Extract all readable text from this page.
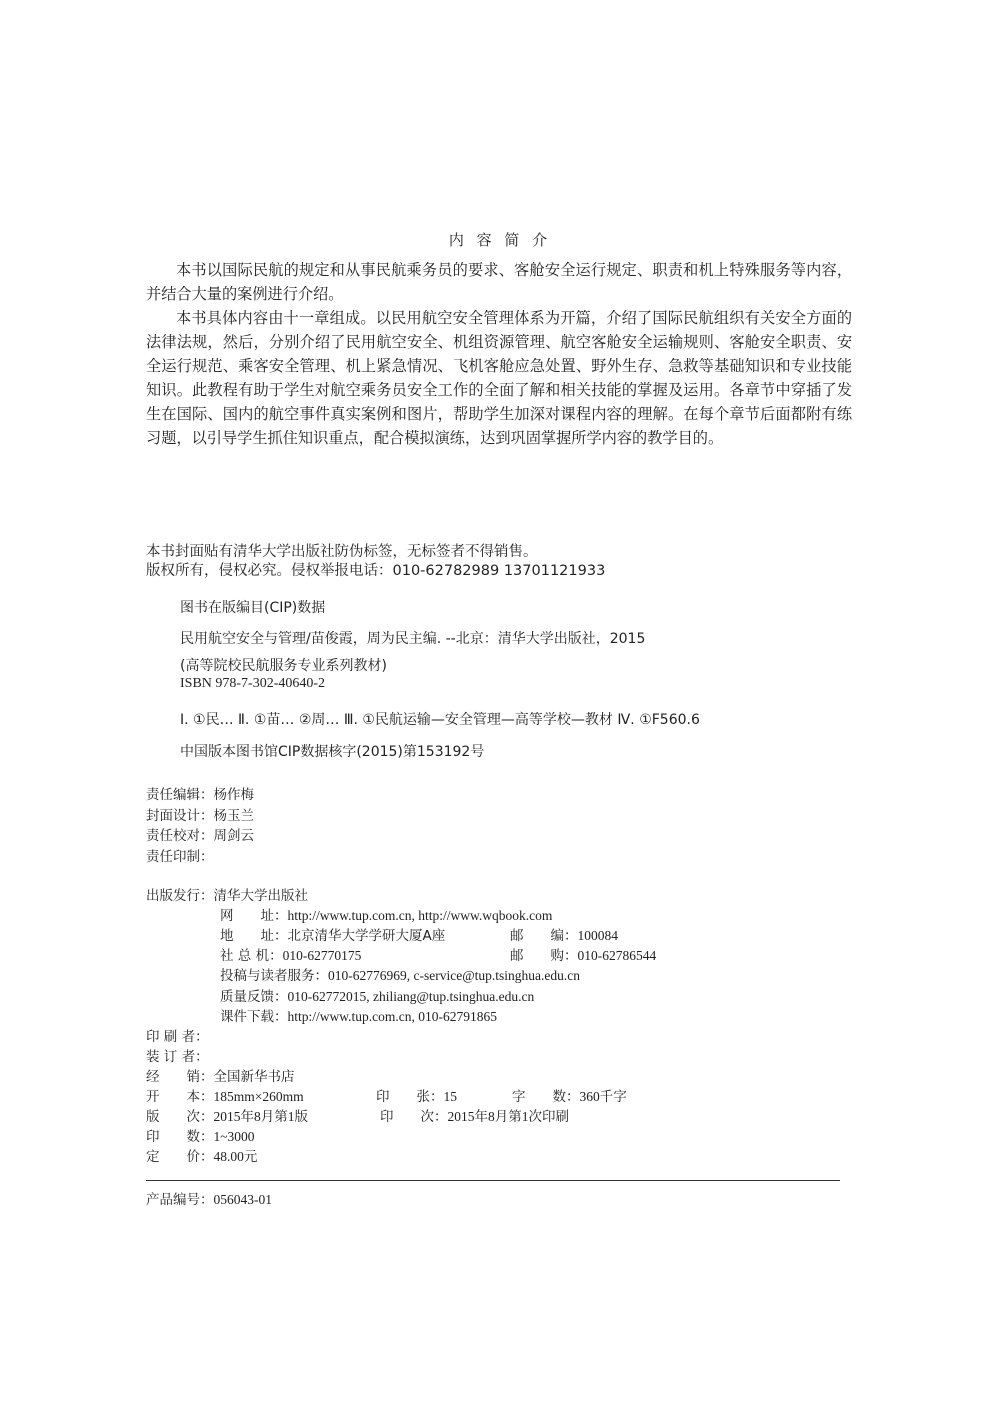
内 容 简 介
本书以国际民航的规定和从事民航乘务员的要求、客舱安全运行规定、职责和机上特殊服务等内容，并结合大量的案例进行介绍。
本书具体内容由十一章组成。以民用航空安全管理体系为开篇，介绍了国际民航组织有关安全方面的法律法规，然后，分别介绍了民用航空安全、机组资源管理、航空客舱安全运输规则、客舱安全职责、安全运行规范、乘客安全管理、机上紧急情况、飞机客舱应急处置、野外生存、急救等基础知识和专业技能知识。此教程有助于学生对航空乘务员安全工作的全面了解和相关技能的掌握及运用。各章节中穿插了发生在国际、国内的航空事件真实案例和图片，帮助学生加深对课程内容的理解。在每个章节后面都附有练习题，以引导学生抓住知识重点，配合模拟演练，达到巩固掌握所学内容的教学目的。
本书封面贴有清华大学出版社防伪标签，无标签者不得销售。
版权所有，侵权必究。侵权举报电话：010-62782989 13701121933
图书在版编目(CIP)数据
民用航空安全与管理/苗俊霞，周为民主编. --北京：清华大学出版社，2015
(高等院校民航服务专业系列教材)
ISBN 978-7-302-40640-2
Ⅰ. ①民… Ⅱ. ①苗… ②周… Ⅲ. ①民航运输—安全管理—高等学校—教材 Ⅳ. ①F560.6
中国版本图书馆CIP数据核字(2015)第153192号
责任编辑：杨作梅
封面设计：杨玉兰
责任校对：周剑云
责任印制：
出版发行：清华大学出版社
网　　址：http://www.tup.com.cn, http://www.wqbook.com
地　　址：北京清华大学学研大厦A座	邮　　编：100084
社 总 机：010-62770175	邮　　购：010-62786544
投稿与读者服务：010-62776969, c-service@tup.tsinghua.edu.cn
质量反馈：010-62772015, zhiliang@tup.tsinghua.edu.cn
课件下载：http://www.tup.com.cn, 010-62791865
印 刷 者：
装 订 者：
经　　销：全国新华书店
开　　本：185mm×260mm	印　　张：15	字　　数：360千字
版　　次：2015年8月第1版	印　　次：2015年8月第1次印刷
印　　数：1~3000
定　　价：48.00元
产品编号：056043-01
